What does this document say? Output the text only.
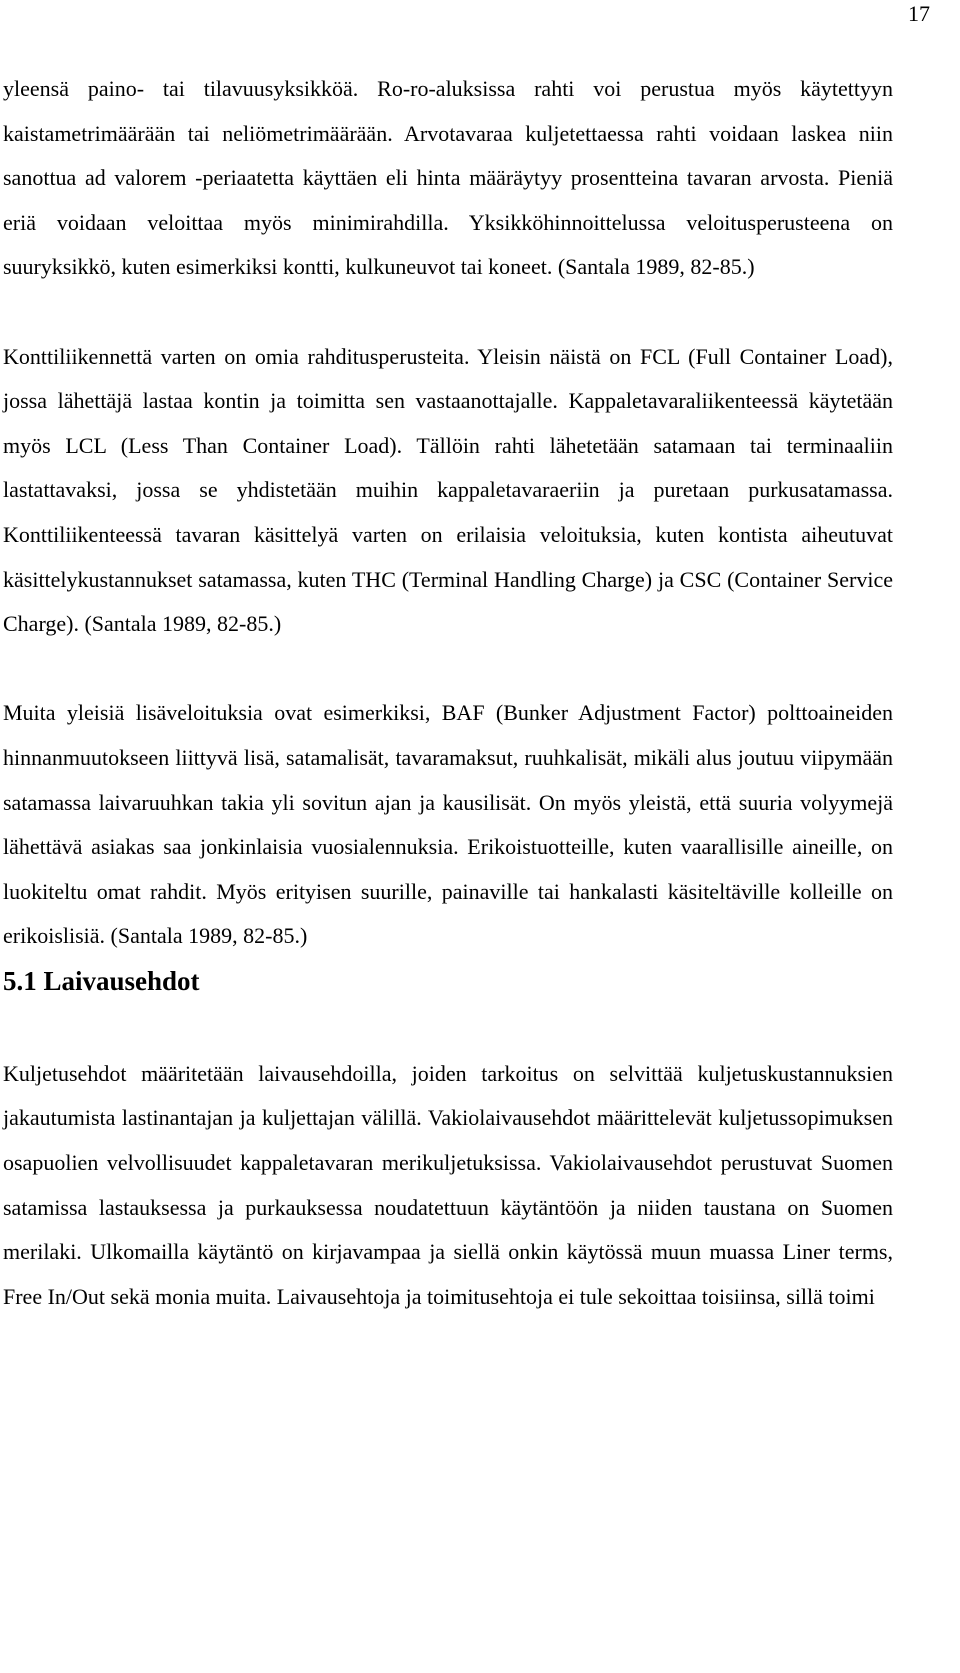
17

yleensä paino- tai tilavuusyksikköä. Ro-ro-aluksissa rahti voi perustua myös käytettyyn kaistametrimäärään tai neliömetrimäärään. Arvotavaraa kuljetettaessa rahti voidaan laskea niin sanottua ad valorem -periaatetta käyttäen eli hinta määräytyy prosentteina tavaran arvosta. Pieniä eriä voidaan veloittaa myös minimirahdilla. Yksikköhinnoittelussa veloitusperusteena on suuryksikkö, kuten esimerkiksi kontti, kulkuneuvot tai koneet. (Santala 1989, 82-85.)

Konttiliikennettä varten on omia rahditusperusteita. Yleisin näistä on FCL (Full Container Load), jossa lähettäjä lastaa kontin ja toimitta sen vastaanottajalle. Kappaletavaraliikenteessä käytetään myös LCL (Less Than Container Load). Tällöin rahti lähetetään satamaan tai terminaaliin lastattavaksi, jossa se yhdistetään muihin kappaletavaraeriin ja puretaan purkusatamassa. Konttiliikenteessä tavaran käsittelyä varten on erilaisia veloituksia, kuten kontista aiheutuvat käsittelykustannukset satamassa, kuten THC (Terminal Handling Charge) ja CSC (Container Service Charge). (Santala 1989, 82-85.)

Muita yleisiä lisäveloituksia ovat esimerkiksi, BAF (Bunker Adjustment Factor) polttoaineiden hinnanmuutokseen liittyvä lisä, satamalisät, tavaramaksut, ruuhkalisät, mikäli alus joutuu viipymään satamassa laivaruuhkan takia yli sovitun ajan ja kausilisät. On myös yleistä, että suuria volyymejä lähettävä asiakas saa jonkinlaisia vuosialennuksia. Erikoistuotteille, kuten vaarallisille aineille, on luokiteltu omat rahdit. Myös erityisen suurille, painaville tai hankalasti käsiteltäville kolleille on erikoislisiä. (Santala 1989, 82-85.)

5.1 Laivausehdot

Kuljetusehdot määritetään laivausehdoilla, joiden tarkoitus on selvittää kuljetuskustannuksien jakautumista lastinantajan ja kuljettajan välillä. Vakiolaivausehdot määrittelevät kuljetussopimuksen osapuolien velvollisuudet kappaletavaran merikuljetuksissa. Vakiolaivausehdot perustuvat Suomen satamissa lastauksessa ja purkauksessa noudatettuun käytäntöön ja niiden taustana on Suomen merilaki. Ulkomailla käytäntö on kirjavampaa ja siellä onkin käytössä muun muassa Liner terms, Free In/Out sekä monia muita. Laivausehtoja ja toimitusehtoja ei tule sekoittaa toisiinsa, sillä toimi
